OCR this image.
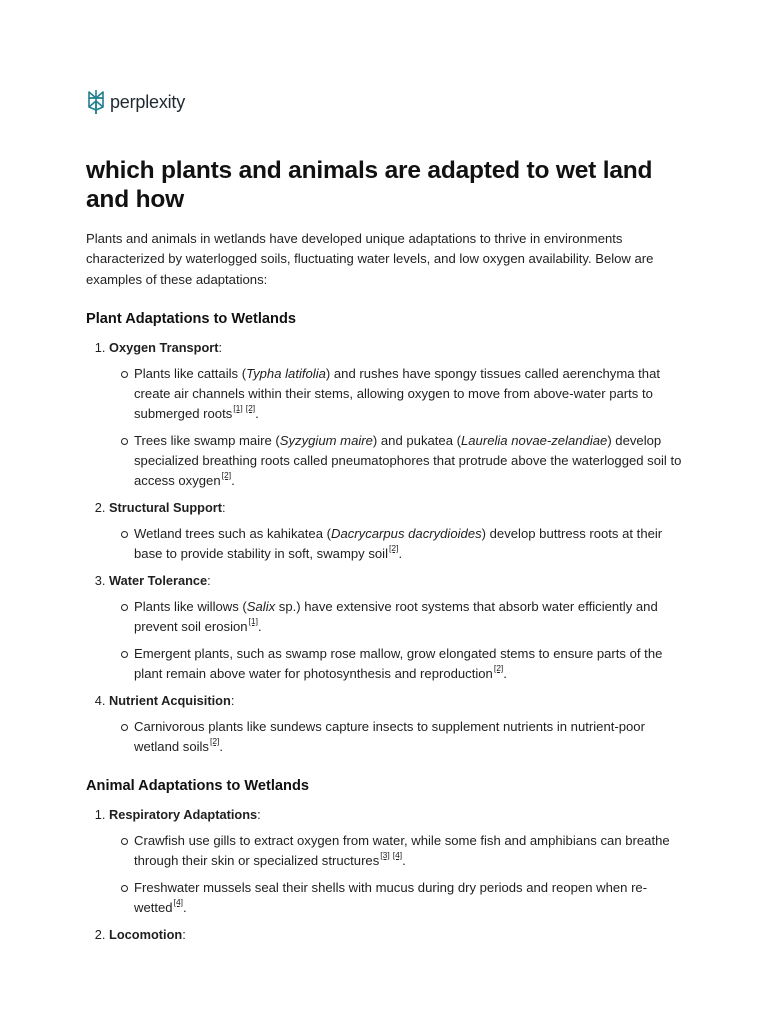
perplexity
which plants and animals are adapted to wet land and how

Plants and animals in wetlands have developed unique adaptations to thrive in environments characterized by waterlogged soils, fluctuating water levels, and low oxygen availability. Below are examples of these adaptations:

Plant Adaptations to Wetlands
1. Oxygen Transport:
Plants like cattails (Typha latifolia) and rushes have spongy tissues called aerenchyma that create air channels within their stems, allowing oxygen to move from above-water parts to submerged roots[1] [2].
Trees like swamp maire (Syzygium maire) and pukatea (Laurelia novae-zelandiae) develop specialized breathing roots called pneumatophores that protrude above the waterlogged soil to access oxygen[2].
2. Structural Support:
Wetland trees such as kahikatea (Dacrycarpus dacrydioides) develop buttress roots at their base to provide stability in soft, swampy soil[2].
3. Water Tolerance:
Plants like willows (Salix sp.) have extensive root systems that absorb water efficiently and prevent soil erosion[1].
Emergent plants, such as swamp rose mallow, grow elongated stems to ensure parts of the plant remain above water for photosynthesis and reproduction[2].
4. Nutrient Acquisition:
Carnivorous plants like sundews capture insects to supplement nutrients in nutrient-poor wetland soils[2].
Animal Adaptations to Wetlands
1. Respiratory Adaptations:
Crawfish use gills to extract oxygen from water, while some fish and amphibians can breathe through their skin or specialized structures[3] [4].
Freshwater mussels seal their shells with mucus during dry periods and reopen when re-wetted[4].
2. Locomotion:
